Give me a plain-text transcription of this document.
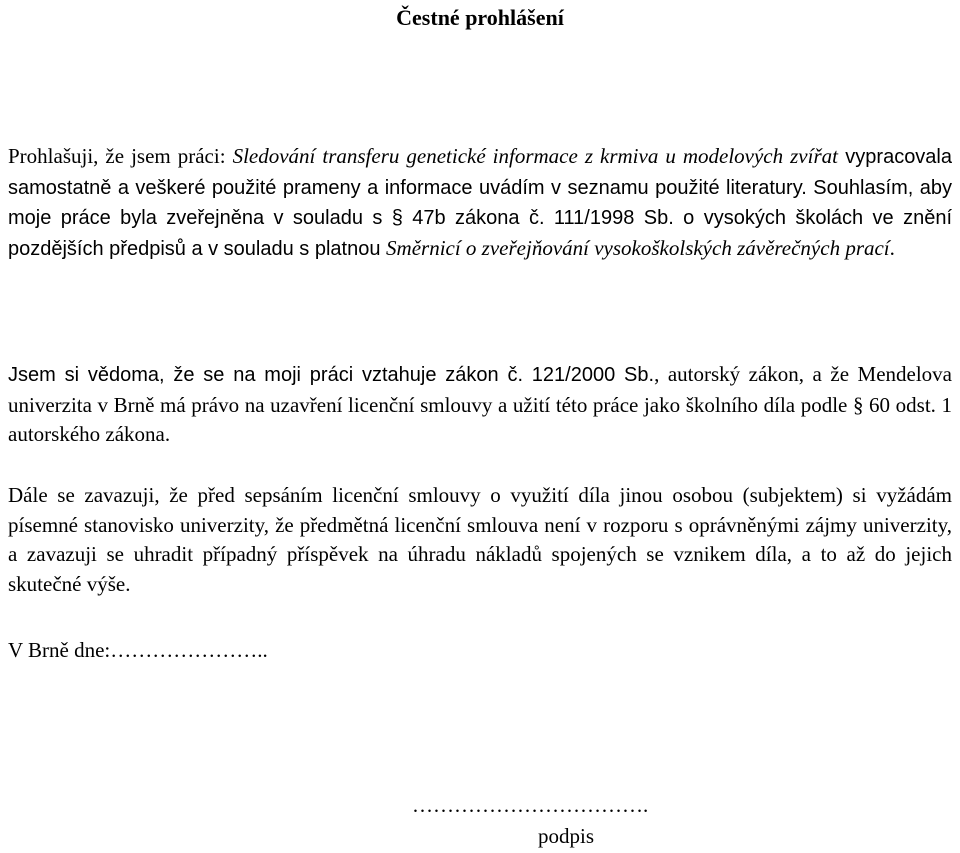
Čestné prohlášení

Prohlašuji, že jsem práci: Sledování transferu genetické informace z krmiva u modelových zvířat vypracovala samostatně a veškeré použité prameny a informace uvádím v seznamu použité literatury. Souhlasím, aby moje práce byla zveřejněna v souladu s § 47b zákona č. 111/1998 Sb. o vysokých školách ve znění pozdějších předpisů a v souladu s platnou Směrnicí o zveřejňování vysokoškolských závěrečných prací.

Jsem si vědoma, že se na moji práci vztahuje zákon č. 121/2000 Sb., autorský zákon, a že Mendelova univerzita v Brně má právo na uzavření licenční smlouvy a užití této práce jako školního díla podle § 60 odst. 1 autorského zákona.

Dále se zavazuji, že před sepsáním licenční smlouvy o využití díla jinou osobou (subjektem) si vyžádám písemné stanovisko univerzity, že předmětná licenční smlouva není v rozporu s oprávněnými zájmy univerzity, a zavazuji se uhradit případný příspěvek na úhradu nákladů spojených se vznikem díla, a to až do jejich skutečné výše.

V Brně dne:…………………..
…………………………….
podpis
